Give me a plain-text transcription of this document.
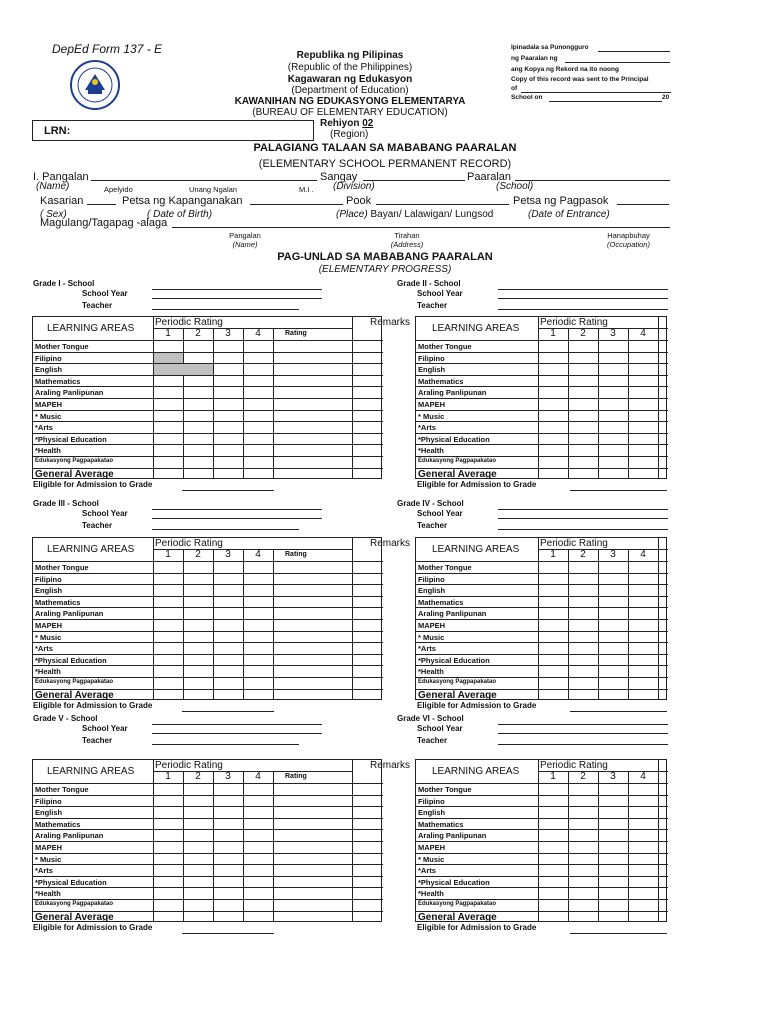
DepEd Form 137 - E	Republika ng Pilipinas
(Republic of the Philippines)
Kagawaran ng Edukasyon
(Department of Education)
KAWANIHAN NG EDUKASYONG ELEMENTARYA
(BUREAU OF ELEMENTARY EDUCATION)
Rehiyon 02
(Region)
Ipinadala sa Punongguro
ng Paaralan ng
ang Kopya ng Rekord na ito noong
Copy of this record was sent to the Principal
of
School on	20
LRN:
PALAGIANG TALAAN SA MABABANG PAARALAN
(ELEMENTARY SCHOOL PERMANENT RECORD)
I. Pangalan	Sangay	Paaralan
(Name)	Apelyido	Unang Ngalan	M.I . (Division)	(School)
Kasarian	Petsa ng Kapanganakan	Pook	Petsa ng Pagpasok
( Sex)	( Date of Birth)	(Place) Bayan/ Lalawigan/ Lungsod	(Date of Entrance)
Magulang/Tagapag -alaga
Pangalan
(Name)
Tirahan
(Address)
Hanapbuhay
(Occupation)
PAG-UNLAD SA MABABANG PAARALAN
(ELEMENTARY PROGRESS)
Grade I - School
School Year
Teacher
LEARNING AREAS
Periodic Rating
1	2	3	4	Rating
Remarks
Mother Tongue
Filipino
English
Mathematics
Araling Panlipunan
MAPEH
* Music
*Arts
*Physical Education
*Health
Edukasyong Pagpapakatao
General Average
Eligible for Admission to Grade
Grade II - School
School Year
Teacher
LEARNING AREAS
Periodic Rating
1	2	3	4
Mother Tongue
Filipino
English
Mathematics
Araling Panlipunan
MAPEH
* Music
*Arts
*Physical Education
*Health
Edukasyong Pagpapakatao
General Average
Eligible for Admission to Grade
Grade III - School
School Year
Teacher
LEARNING AREAS
Periodic Rating
1	2	3	4	Rating
Remarks
Mother Tongue
Filipino
English
Mathematics
Araling Panlipunan
MAPEH
* Music
*Arts
*Physical Education
*Health
Edukasyong Pagpapakatao
General Average
Eligible for Admission to Grade
Grade IV - School
School Year
Teacher
LEARNING AREAS
Periodic Rating
1	2	3	4
Mother Tongue
Filipino
English
Mathematics
Araling Panlipunan
MAPEH
* Music
*Arts
*Physical Education
*Health
Edukasyong Pagpapakatao
General Average
Eligible for Admission to Grade
Grade V - School
School Year
Teacher
LEARNING AREAS
Periodic Rating
1	2	3	4	Rating
Remarks
Mother Tongue
Filipino
English
Mathematics
Araling Panlipunan
MAPEH
* Music
*Arts
*Physical Education
*Health
Edukasyong Pagpapakatao
General Average
Eligible for Admission to Grade
Grade VI - School
School Year
Teacher
LEARNING AREAS
Periodic Rating
1	2	3	4
Mother Tongue
Filipino
English
Mathematics
Araling Panlipunan
MAPEH
* Music
*Arts
*Physical Education
*Health
Edukasyong Pagpapakatao
General Average
Eligible for Admission to Grade
